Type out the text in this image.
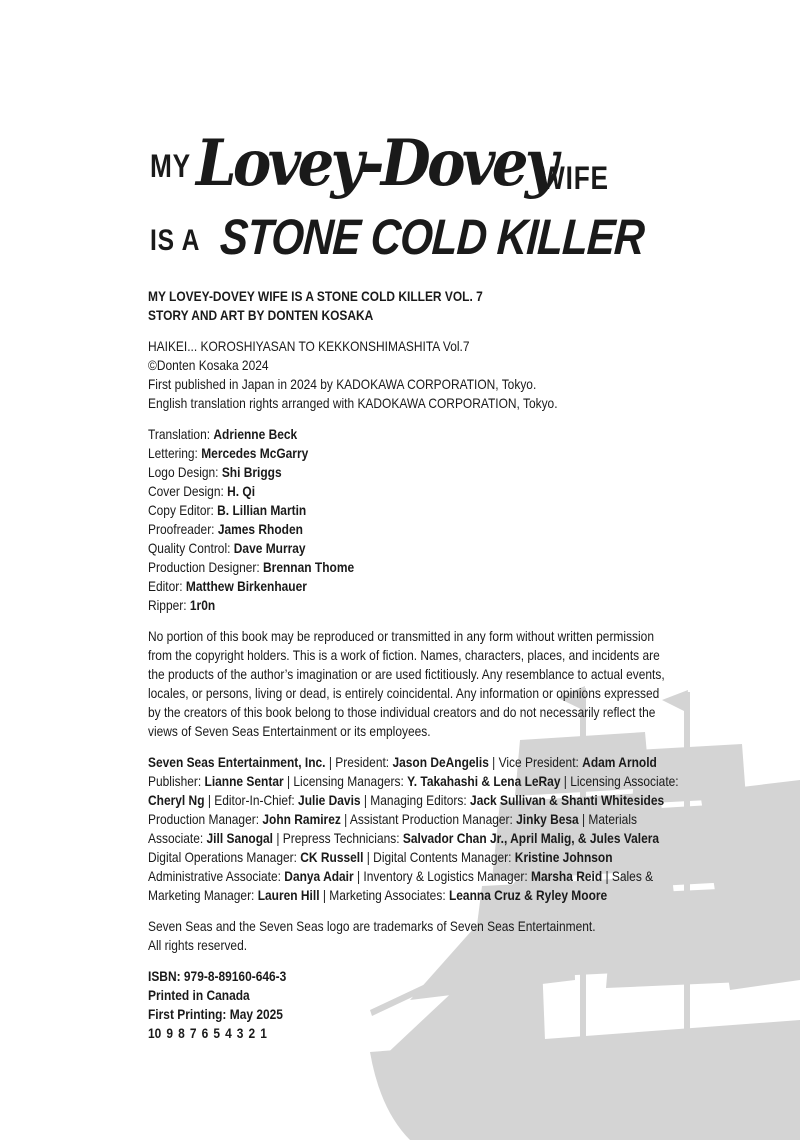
MY Lovey-Dovey
WIFE
IS A STONE COLD KILLER
MY LOVEY-DOVEY WIFE IS A STONE COLD KILLER VOL. 7
STORY AND ART BY DONTEN KOSAKA
HAIKEI... KOROSHIYASAN TO KEKKONSHIMASHITA Vol.7
©Donten Kosaka 2024
First published in Japan in 2024 by KADOKAWA CORPORATION, Tokyo.
English translation rights arranged with KADOKAWA CORPORATION, Tokyo.
Translation: Adrienne Beck
Lettering: Mercedes McGarry
Logo Design: Shi Briggs
Cover Design: H. Qi
Copy Editor: B. Lillian Martin
Proofreader: James Rhoden
Quality Control: Dave Murray
Production Designer: Brennan Thome
Editor: Matthew Birkenhauer
Ripper: 1r0n
No portion of this book may be reproduced or transmitted in any form without written permission
from the copyright holders. This is a work of fiction. Names, characters, places, and incidents are
the products of the author’s imagination or are used fictitiously. Any resemblance to actual events,
locales, or persons, living or dead, is entirely coincidental. Any information or opinions expressed
by the creators of this book belong to those individual creators and do not necessarily reflect the
views of Seven Seas Entertainment or its employees.
Seven Seas Entertainment, Inc. | President: Jason DeAngelis | Vice President: Adam Arnold
Publisher: Lianne Sentar | Licensing Managers: Y. Takahashi & Lena LeRay | Licensing Associate:
Cheryl Ng | Editor-In-Chief: Julie Davis | Managing Editors: Jack Sullivan & Shanti Whitesides
Production Manager: John Ramirez | Assistant Production Manager: Jinky Besa | Materials
Associate: Jill Sanogal | Prepress Technicians: Salvador Chan Jr., April Malig, & Jules Valera
Digital Operations Manager: CK Russell | Digital Contents Manager: Kristine Johnson
Administrative Associate: Danya Adair | Inventory & Logistics Manager: Marsha Reid | Sales &
Marketing Manager: Lauren Hill | Marketing Associates: Leanna Cruz & Ryley Moore
Seven Seas and the Seven Seas logo are trademarks of Seven Seas Entertainment.
All rights reserved.
ISBN: 979-8-89160-646-3
Printed in Canada
First Printing: May 2025
10 9 8 7 6 5 4 3 2 1
